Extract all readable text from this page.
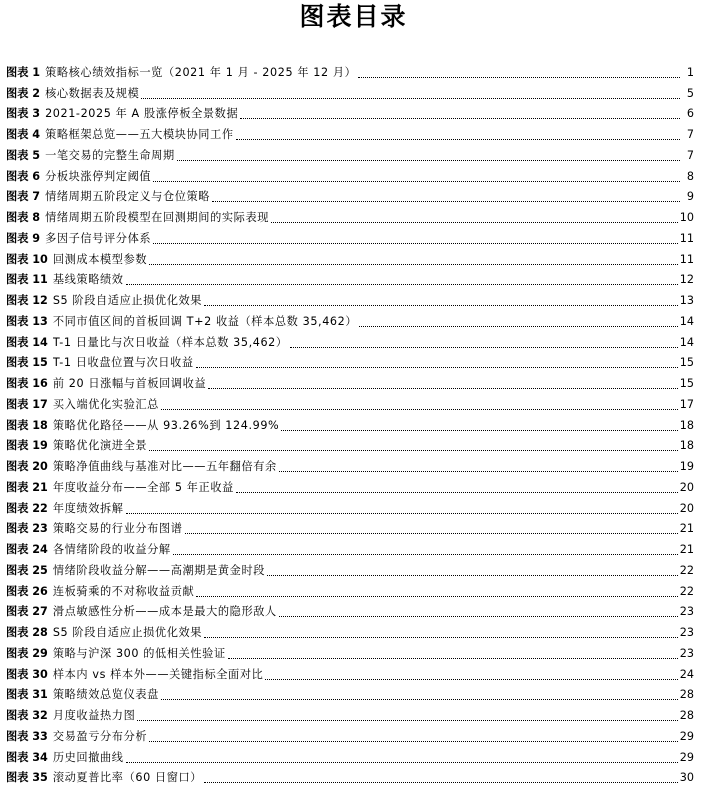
图表目录
图表 1 策略核心绩效指标一览（2021 年 1 月 - 2025 年 12 月）	1
图表 2 核心数据表及规模	5
图表 3 2021-2025 年 A 股涨停板全景数据	6
图表 4 策略框架总览——五大模块协同工作	7
图表 5 一笔交易的完整生命周期	7
图表 6 分板块涨停判定阈值	8
图表 7 情绪周期五阶段定义与仓位策略	9
图表 8 情绪周期五阶段模型在回测期间的实际表现	10
图表 9 多因子信号评分体系	11
图表 10 回测成本模型参数	11
图表 11 基线策略绩效	12
图表 12 S5 阶段自适应止损优化效果	13
图表 13 不同市值区间的首板回调 T+2 收益（样本总数 35,462）	14
图表 14 T-1 日量比与次日收益（样本总数 35,462）	14
图表 15 T-1 日收盘位置与次日收益	15
图表 16 前 20 日涨幅与首板回调收益	15
图表 17 买入端优化实验汇总	17
图表 18 策略优化路径——从 93.26%到 124.99%	18
图表 19 策略优化演进全景	18
图表 20 策略净值曲线与基准对比——五年翻倍有余	19
图表 21 年度收益分布——全部 5 年正收益	20
图表 22 年度绩效拆解	20
图表 23 策略交易的行业分布图谱	21
图表 24 各情绪阶段的收益分解	21
图表 25 情绪阶段收益分解——高潮期是黄金时段	22
图表 26 连板骑乘的不对称收益贡献	22
图表 27 滑点敏感性分析——成本是最大的隐形敌人	23
图表 28 S5 阶段自适应止损优化效果	23
图表 29 策略与沪深 300 的低相关性验证	23
图表 30 样本内 vs 样本外——关键指标全面对比	24
图表 31 策略绩效总览仪表盘	28
图表 32 月度收益热力图	28
图表 33 交易盈亏分布分析	29
图表 34 历史回撤曲线	29
图表 35 滚动夏普比率（60 日窗口）	30
